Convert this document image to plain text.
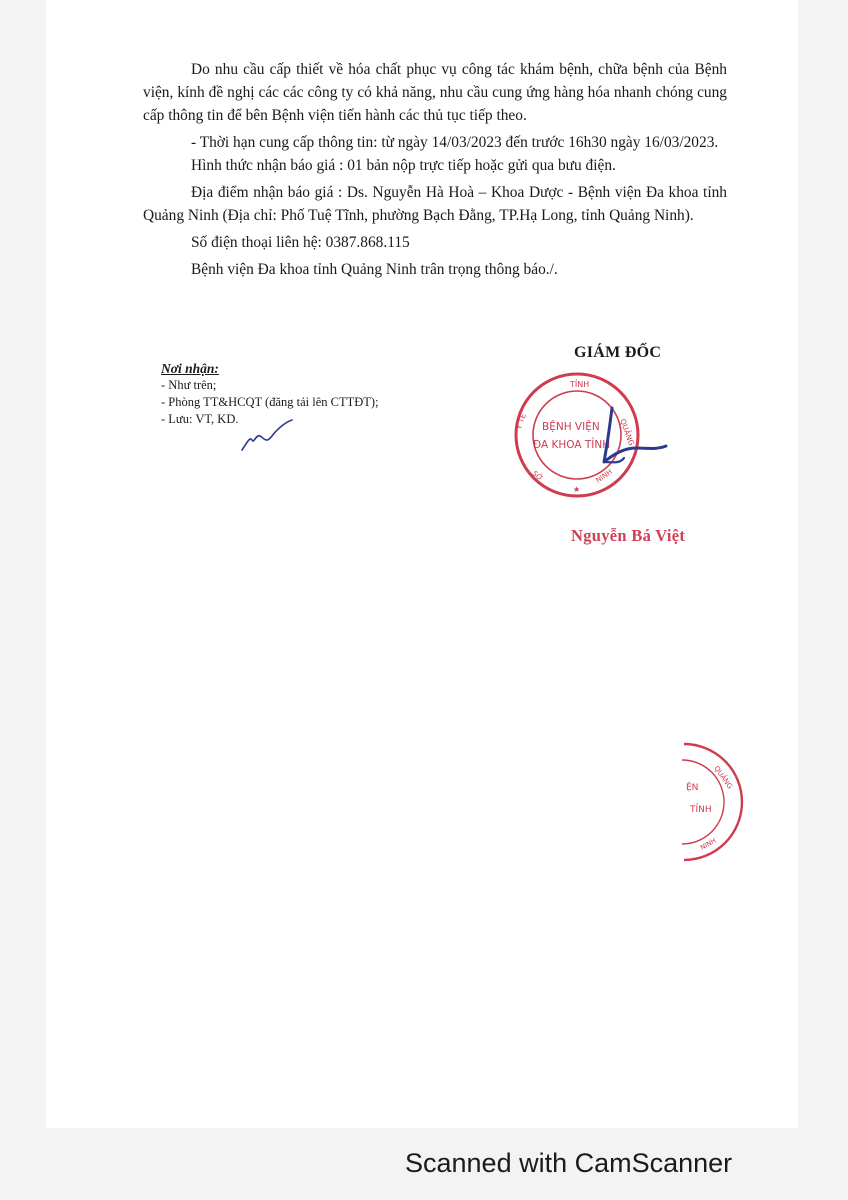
Do nhu cầu cấp thiết về hóa chất phục vụ công tác khám bệnh, chữa bệnh của Bệnh viện, kính đề nghị các các công ty có khả năng, nhu cầu cung ứng hàng hóa nhanh chóng cung cấp thông tin để bên Bệnh viện tiến hành các thủ tục tiếp theo.

- Thời hạn cung cấp thông tin: từ ngày 14/03/2023 đến trước 16h30 ngày 16/03/2023.

Hình thức nhận báo giá : 01 bản nộp trực tiếp hoặc gửi qua bưu điện.

Địa điểm nhận báo giá : Ds. Nguyễn Hà Hoà – Khoa Dược - Bệnh viện Đa khoa tỉnh Quảng Ninh (Địa chỉ: Phố Tuệ Tĩnh, phường Bạch Đằng, TP.Hạ Long, tỉnh Quảng Ninh).

Số điện thoại liên hệ: 0387.868.115

Bệnh viện Đa khoa tỉnh Quảng Ninh trân trọng thông báo./.

Nơi nhận:
- Như trên;
- Phòng TT&HCQT (đăng tải lên CTTĐT);
- Lưu: VT, KD.
GIÁM ĐỐC
TỈNH
QUẢNG
Y TẾ
SỞ	NINH
★
BỆNH VIỆN
ĐA KHOA TỈNH
Nguyễn Bá Việt
ỆN
TỈNH
QUẢNG
NINH
Scanned with CamScanner
